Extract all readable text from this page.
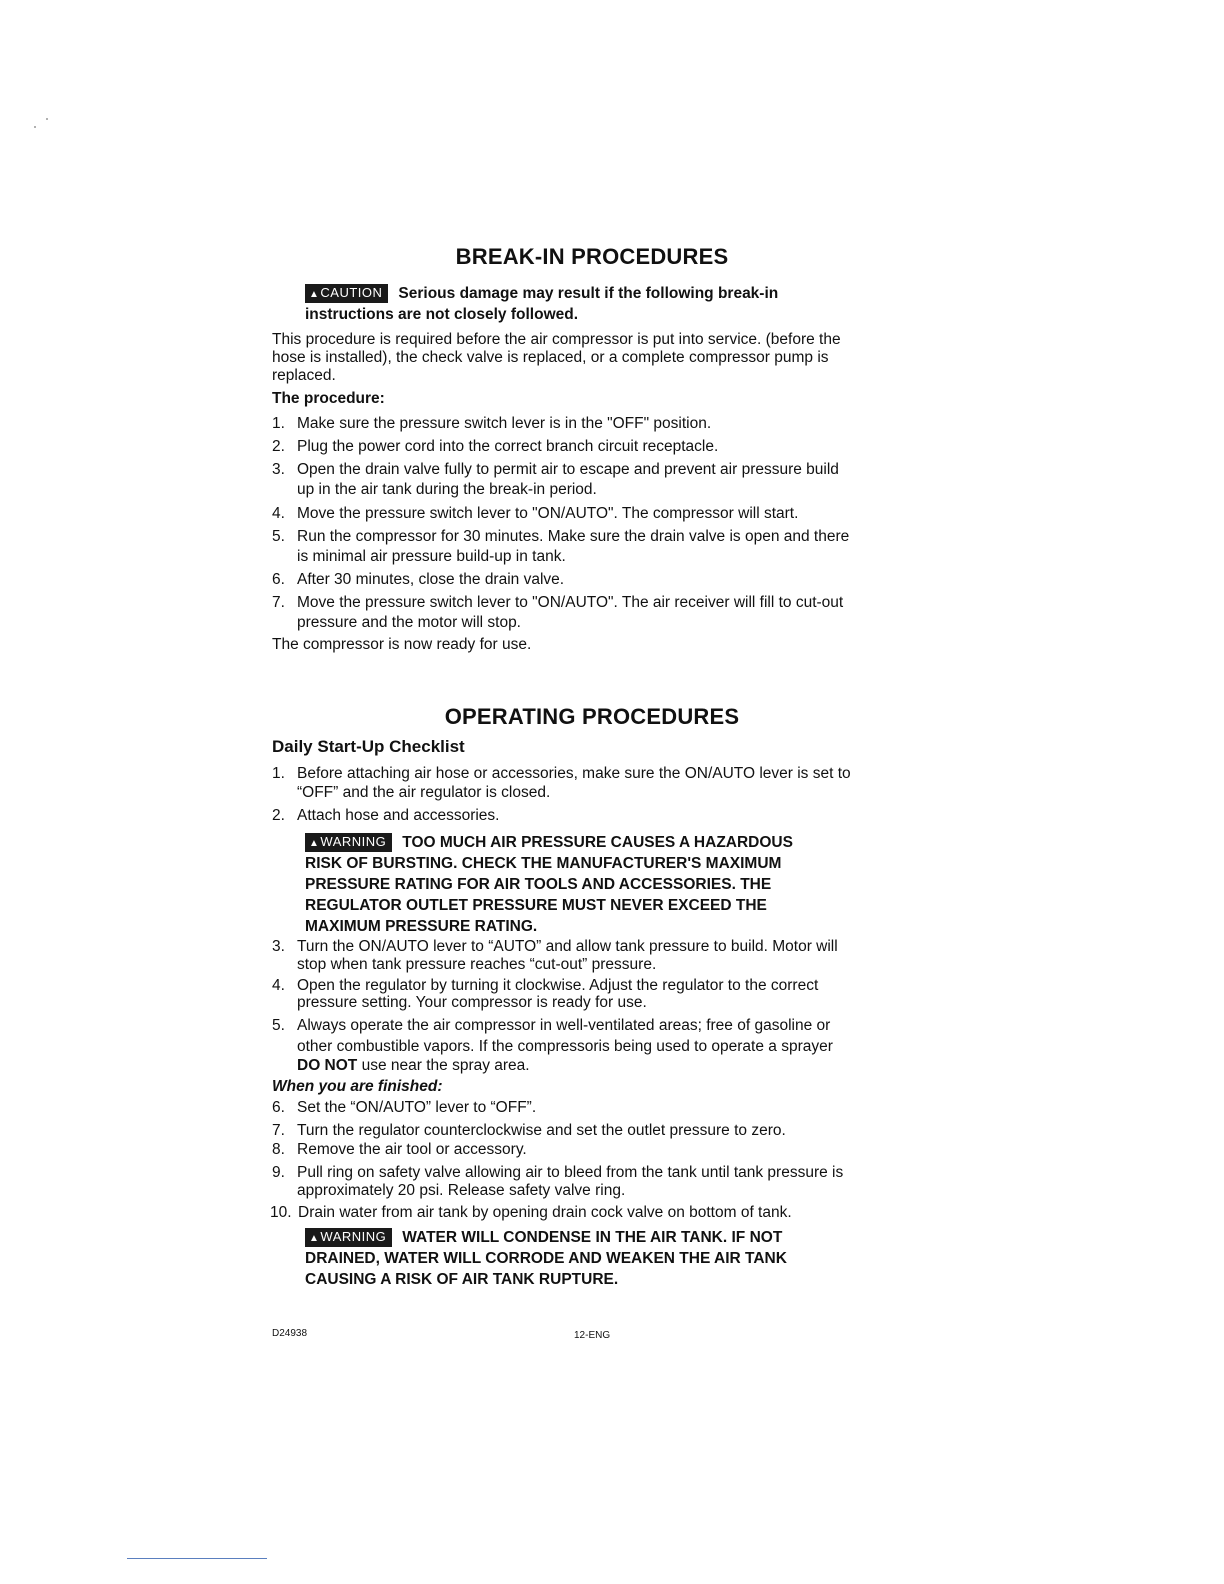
BREAK-IN PROCEDURES
▲CAUTION Serious damage may result if the following break-in
instructions are not closely followed.
This procedure is required before the air compressor is put into service. (before the
hose is installed), the check valve is replaced, or a complete compressor pump is
replaced.
The procedure:
1. Make sure the pressure switch lever is in the "OFF" position.
2. Plug the power cord into the correct branch circuit receptacle.
3. Open the drain valve fully to permit air to escape and prevent air pressure build
up in the air tank during the break-in period.
4. Move the pressure switch lever to "ON/AUTO". The compressor will start.
5. Run the compressor for 30 minutes. Make sure the drain valve is open and there
is minimal air pressure build-up in tank.
6. After 30 minutes, close the drain valve.
7. Move the pressure switch lever to "ON/AUTO". The air receiver will fill to cut-out
pressure and the motor will stop.
The compressor is now ready for use.
OPERATING PROCEDURES
Daily Start-Up Checklist
1. Before attaching air hose or accessories, make sure the ON/AUTO lever is set to
“OFF” and the air regulator is closed.
2. Attach hose and accessories.
▲WARNING TOO MUCH AIR PRESSURE CAUSES A HAZARDOUS
RISK OF BURSTING. CHECK THE MANUFACTURER'S MAXIMUM
PRESSURE RATING FOR AIR TOOLS AND ACCESSORIES. THE
REGULATOR OUTLET PRESSURE MUST NEVER EXCEED THE
MAXIMUM PRESSURE RATING.
3. Turn the ON/AUTO lever to “AUTO” and allow tank pressure to build. Motor will
stop when tank pressure reaches “cut-out” pressure.
4. Open the regulator by turning it clockwise. Adjust the regulator to the correct
pressure setting. Your compressor is ready for use.
5. Always operate the air compressor in well-ventilated areas; free of gasoline or
other combustible vapors. If the compressoris being used to operate a sprayer
DO NOT use near the spray area.
When you are finished:
6. Set the “ON/AUTO” lever to “OFF”.
7. Turn the regulator counterclockwise and set the outlet pressure to zero.
8. Remove the air tool or accessory.
9. Pull ring on safety valve allowing air to bleed from the tank until tank pressure is
approximately 20 psi. Release safety valve ring.
10. Drain water from air tank by opening drain cock valve on bottom of tank.
▲WARNING WATER WILL CONDENSE IN THE AIR TANK. IF NOT
DRAINED, WATER WILL CORRODE AND WEAKEN THE AIR TANK
CAUSING A RISK OF AIR TANK RUPTURE.
D24938	12-ENG
